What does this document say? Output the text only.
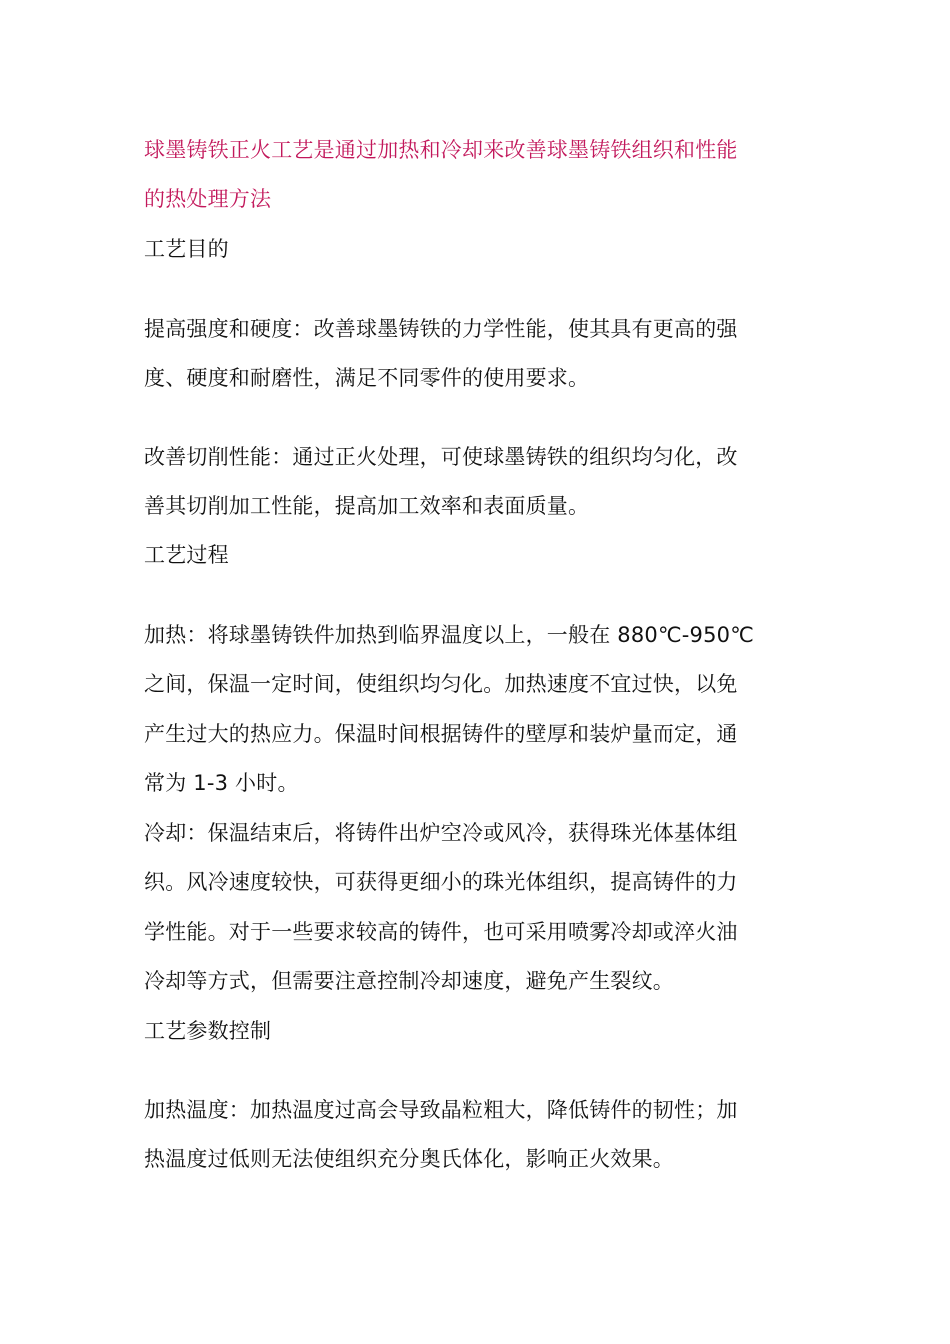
球墨铸铁正火工艺是通过加热和冷却来改善球墨铸铁组织和性能
的热处理方法
工艺目的
提高强度和硬度：改善球墨铸铁的力学性能，使其具有更高的强
度、硬度和耐磨性，满足不同零件的使用要求。
改善切削性能：通过正火处理，可使球墨铸铁的组织均匀化，改
善其切削加工性能，提高加工效率和表面质量。
工艺过程
加热：将球墨铸铁件加热到临界温度以上，一般在 880℃-950℃
之间，保温一定时间，使组织均匀化。加热速度不宜过快，以免
产生过大的热应力。保温时间根据铸件的壁厚和装炉量而定，通
常为 1-3 小时。
冷却：保温结束后，将铸件出炉空冷或风冷，获得珠光体基体组
织。风冷速度较快，可获得更细小的珠光体组织，提高铸件的力
学性能。对于一些要求较高的铸件，也可采用喷雾冷却或淬火油
冷却等方式，但需要注意控制冷却速度，避免产生裂纹。
工艺参数控制
加热温度：加热温度过高会导致晶粒粗大，降低铸件的韧性；加
热温度过低则无法使组织充分奥氏体化，影响正火效果。
